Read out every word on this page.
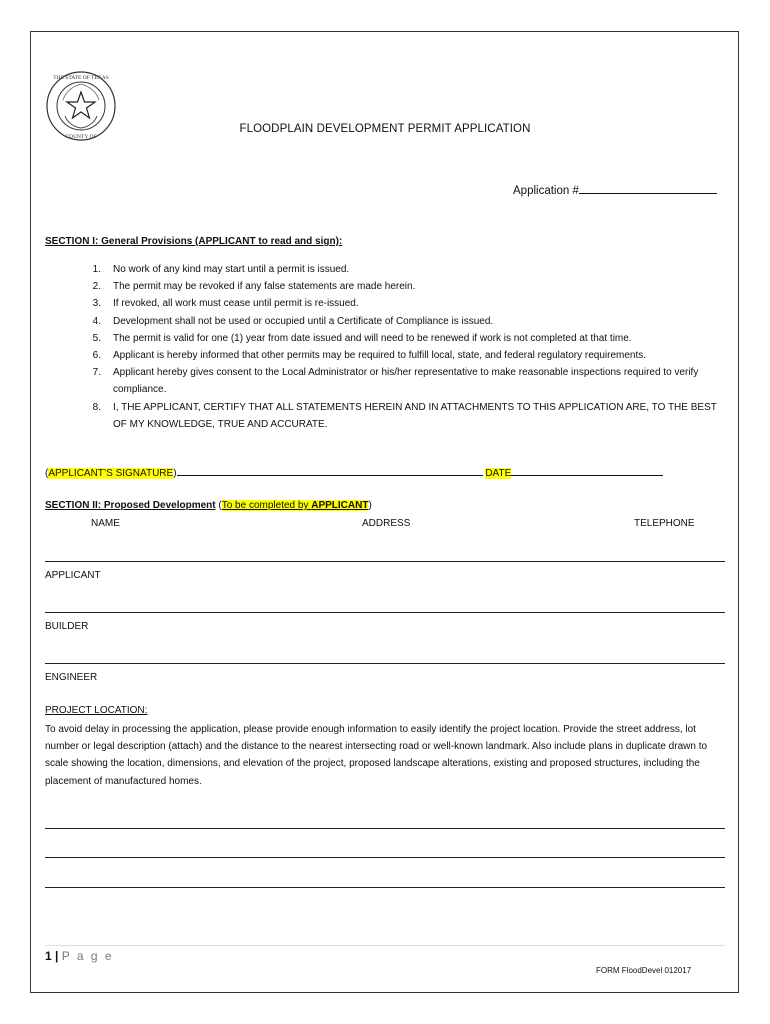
THE STATE OF TEXAS
COUNTY OF
FLOODPLAIN DEVELOPMENT PERMIT APPLICATION
Application #
SECTION I: General Provisions (APPLICANT to read and sign):
1. No work of any kind may start until a permit is issued.
2. The permit may be revoked if any false statements are made herein.
3. If revoked, all work must cease until permit is re-issued.
4. Development shall not be used or occupied until a Certificate of Compliance is issued.
5. The permit is valid for one (1) year from date issued and will need to be renewed if work is not completed at that time.
6. Applicant is hereby informed that other permits may be required to fulfill local, state, and federal regulatory requirements.
7. Applicant hereby gives consent to the Local Administrator or his/her representative to make reasonable inspections required to verify compliance.
8. I, THE APPLICANT, CERTIFY THAT ALL STATEMENTS HEREIN AND IN ATTACHMENTS TO THIS APPLICATION ARE, TO THE BEST OF MY KNOWLEDGE, TRUE AND ACCURATE.
(APPLICANT’S SIGNATURE)	DATE
SECTION II: Proposed Development (To be completed by APPLICANT)
NAME	ADDRESS	TELEPHONE
APPLICANT
BUILDER
ENGINEER
PROJECT LOCATION:
To avoid delay in processing the application, please provide enough information to easily identify the project location. Provide the street address, lot number or legal description (attach) and the distance to the nearest intersecting road or well-known landmark. Also include plans in duplicate drawn to scale showing the location, dimensions, and elevation of the project, proposed landscape alterations, existing and proposed structures, including the placement of manufactured homes.
1 | P a g e
FORM FloodDevel 012017
